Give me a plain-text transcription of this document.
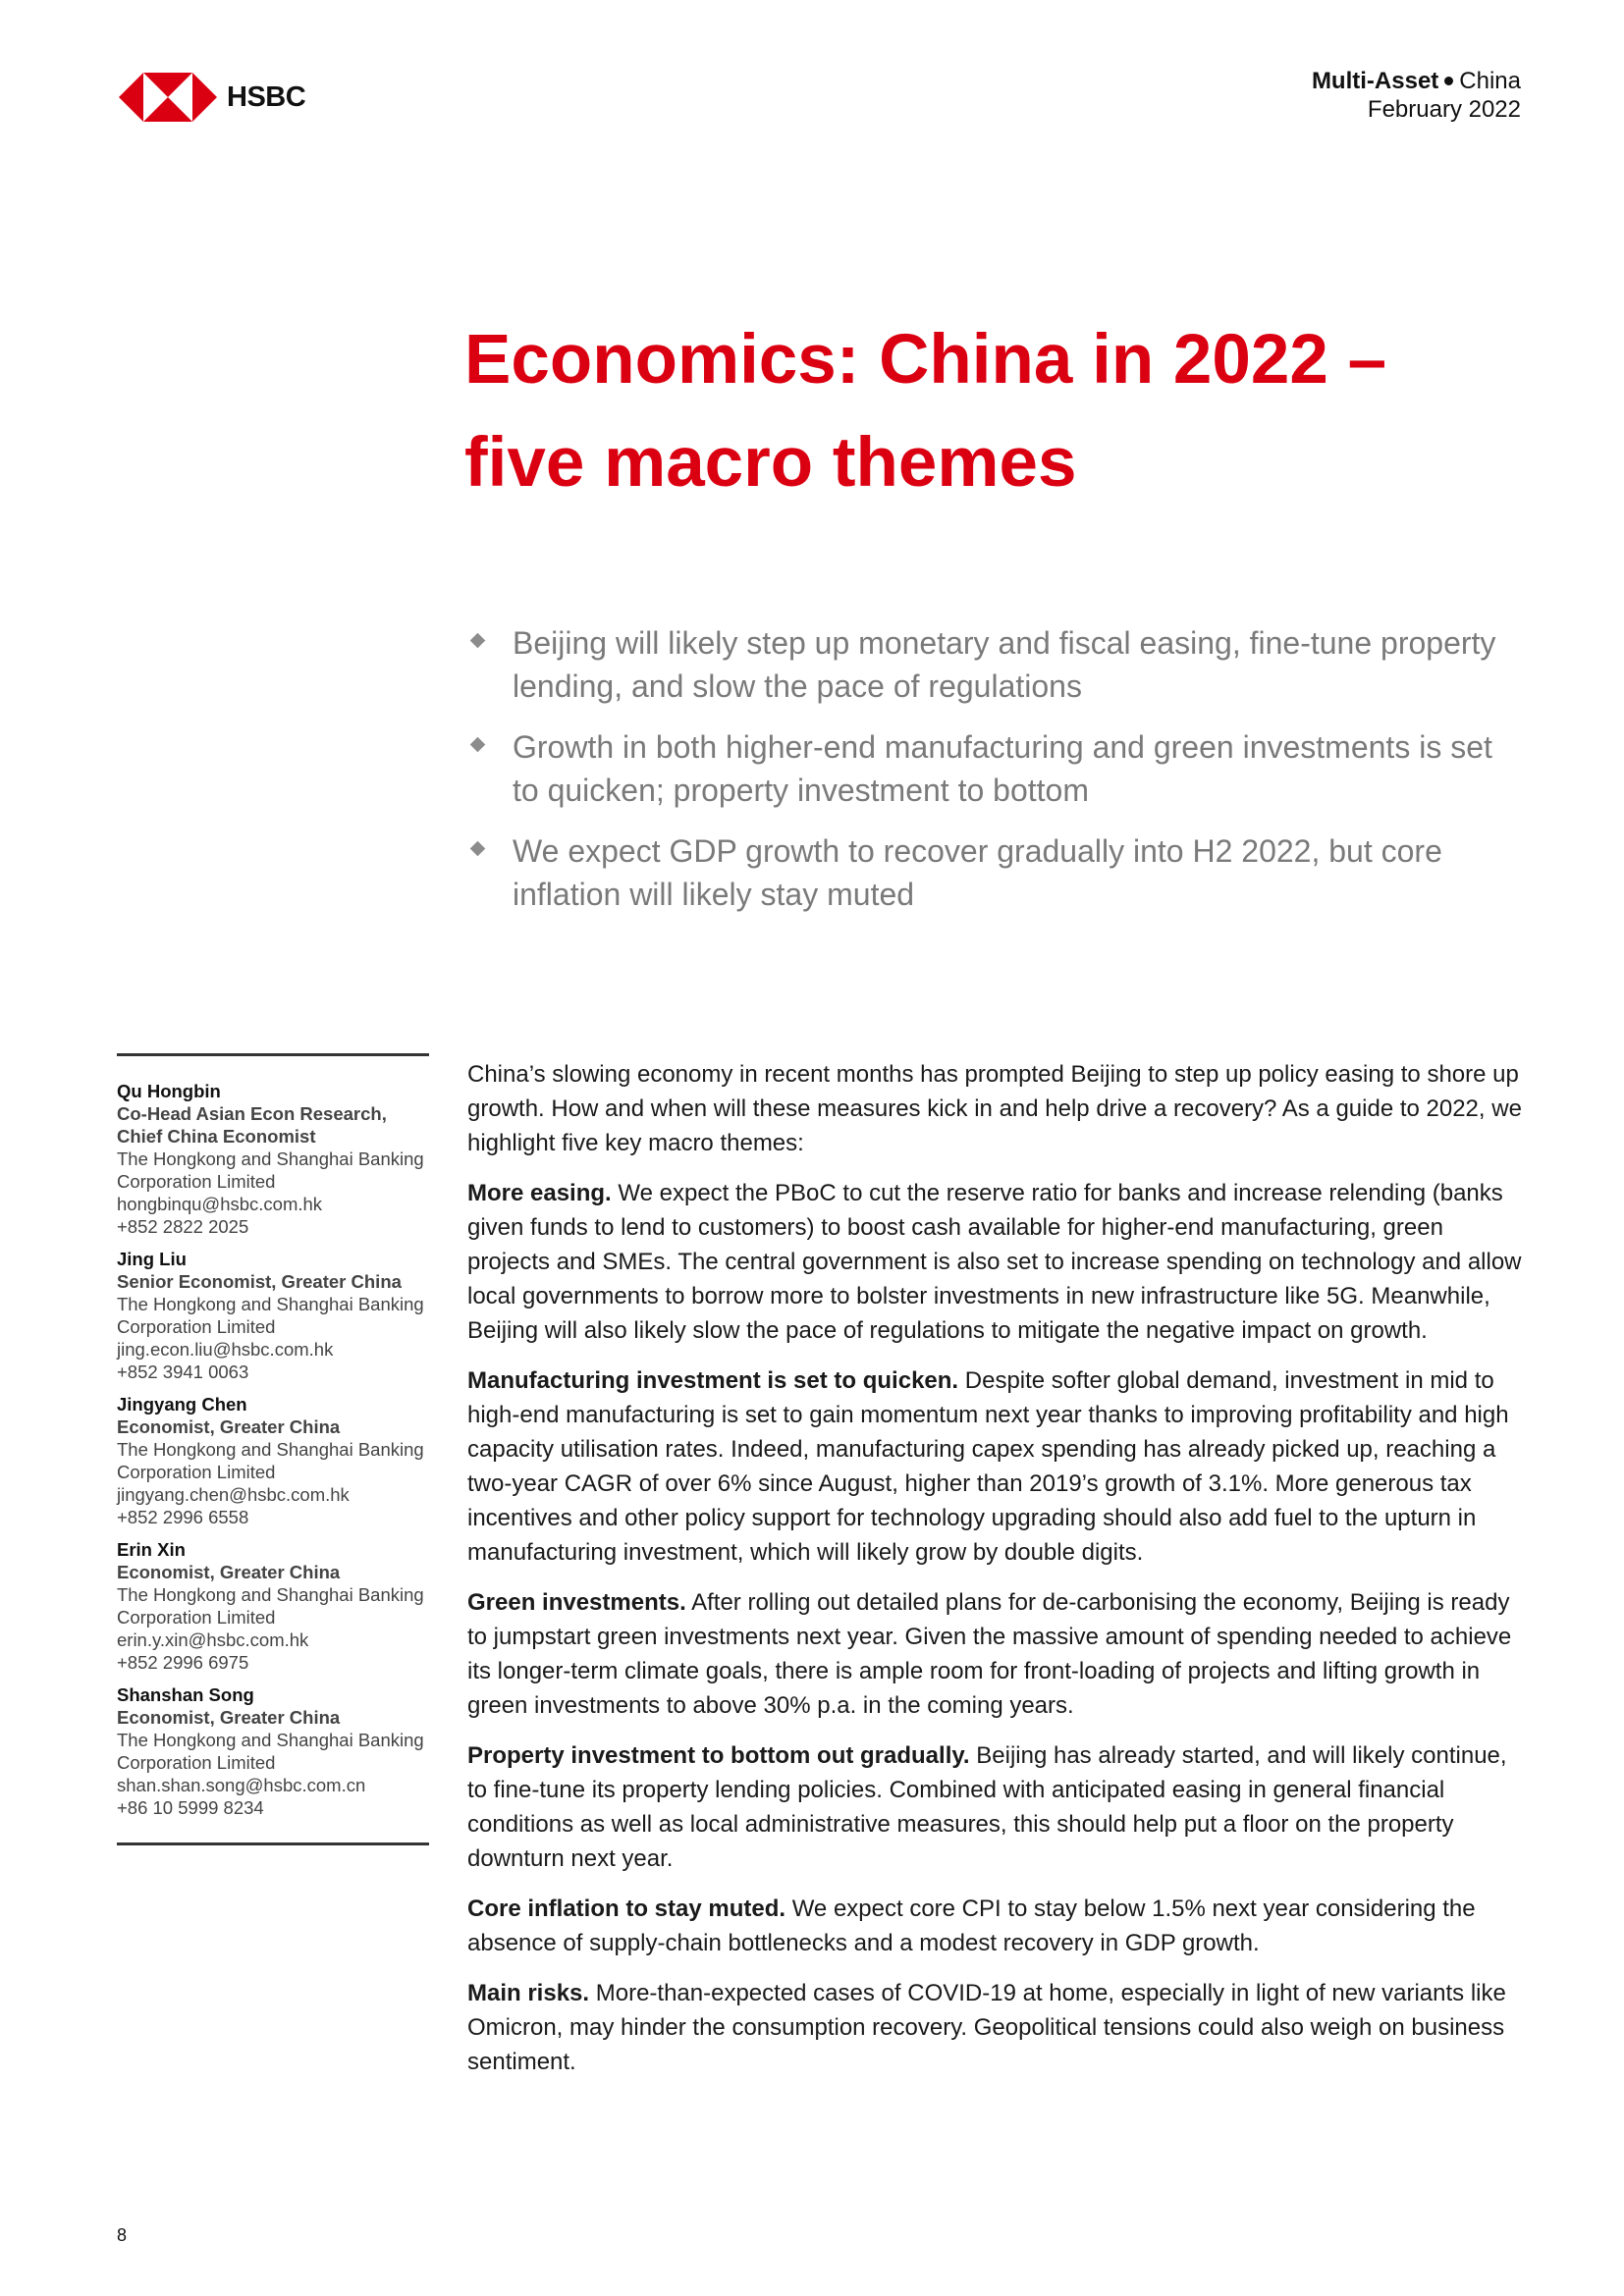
HSBC	Multi-Asset China
February 2022
Economics: China in 2022 – five macro themes
Beijing will likely step up monetary and fiscal easing, fine-tune property lending, and slow the pace of regulations
Growth in both higher-end manufacturing and green investments is set to quicken; property investment to bottom
We expect GDP growth to recover gradually into H2 2022, but core inflation will likely stay muted
Qu Hongbin
Co-Head Asian Econ Research, Chief China Economist
The Hongkong and Shanghai Banking Corporation Limited
hongbinqu@hsbc.com.hk
+852 2822 2025
Jing Liu
Senior Economist, Greater China
The Hongkong and Shanghai Banking Corporation Limited
jing.econ.liu@hsbc.com.hk
+852 3941 0063
Jingyang Chen
Economist, Greater China
The Hongkong and Shanghai Banking Corporation Limited
jingyang.chen@hsbc.com.hk
+852 2996 6558
Erin Xin
Economist, Greater China
The Hongkong and Shanghai Banking Corporation Limited
erin.y.xin@hsbc.com.hk
+852 2996 6975
Shanshan Song
Economist, Greater China
The Hongkong and Shanghai Banking Corporation Limited
shan.shan.song@hsbc.com.cn
+86 10 5999 8234

China’s slowing economy in recent months has prompted Beijing to step up policy easing to shore up growth. How and when will these measures kick in and help drive a recovery? As a guide to 2022, we highlight five key macro themes:

More easing. We expect the PBoC to cut the reserve ratio for banks and increase relending (banks given funds to lend to customers) to boost cash available for higher-end manufacturing, green projects and SMEs. The central government is also set to increase spending on technology and allow local governments to borrow more to bolster investments in new infrastructure like 5G. Meanwhile, Beijing will also likely slow the pace of regulations to mitigate the negative impact on growth.

Manufacturing investment is set to quicken. Despite softer global demand, investment in mid to high-end manufacturing is set to gain momentum next year thanks to improving profitability and high capacity utilisation rates. Indeed, manufacturing capex spending has already picked up, reaching a two-year CAGR of over 6% since August, higher than 2019’s growth of 3.1%. More generous tax incentives and other policy support for technology upgrading should also add fuel to the upturn in manufacturing investment, which will likely grow by double digits.

Green investments. After rolling out detailed plans for de-carbonising the economy, Beijing is ready to jumpstart green investments next year. Given the massive amount of spending needed to achieve its longer-term climate goals, there is ample room for front-loading of projects and lifting growth in green investments to above 30% p.a. in the coming years.

Property investment to bottom out gradually. Beijing has already started, and will likely continue, to fine-tune its property lending policies. Combined with anticipated easing in general financial conditions as well as local administrative measures, this should help put a floor on the property downturn next year.

Core inflation to stay muted. We expect core CPI to stay below 1.5% next year considering the absence of supply-chain bottlenecks and a modest recovery in GDP growth.

Main risks. More-than-expected cases of COVID-19 at home, especially in light of new variants like Omicron, may hinder the consumption recovery. Geopolitical tensions could also weigh on business sentiment.

8
